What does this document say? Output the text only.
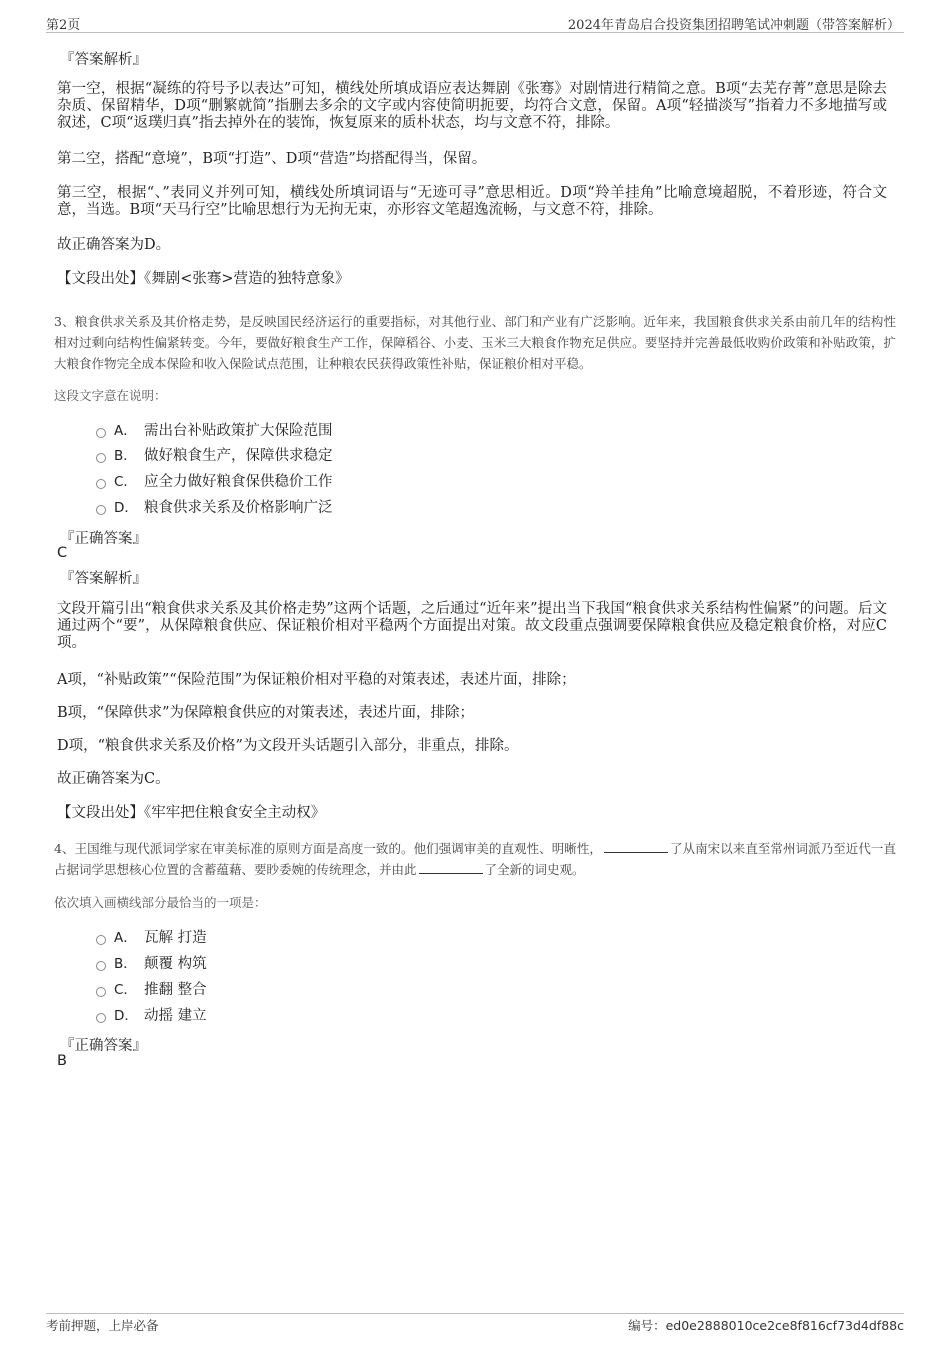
第2页	2024年青岛启合投资集团招聘笔试冲刺题（带答案解析）
『答案解析』
第一空，根据“凝练的符号予以表达”可知，横线处所填成语应表达舞剧《张骞》对剧情进行精简之意。B项“去芜存菁”意思是除去杂质、保留精华，D项“删繁就简”指删去多余的文字或内容使简明扼要，均符合文意，保留。A项“轻描淡写”指着力不多地描写或叙述，C项“返璞归真”指去掉外在的装饰，恢复原来的质朴状态，均与文意不符，排除。
第二空，搭配“意境”，B项“打造”、D项“营造”均搭配得当，保留。
第三空，根据“、”表同义并列可知，横线处所填词语与“无迹可寻”意思相近。D项“羚羊挂角”比喻意境超脱，不着形迹，符合文意，当选。B项“天马行空”比喻思想行为无拘无束，亦形容文笔超逸流畅，与文意不符，排除。
故正确答案为D。
【文段出处】《舞剧<张骞>营造的独特意象》
3、粮食供求关系及其价格走势，是反映国民经济运行的重要指标，对其他行业、部门和产业有广泛影响。近年来，我国粮食供求关系由前几年的结构性相对过剩向结构性偏紧转变。今年，要做好粮食生产工作，保障稻谷、小麦、玉米三大粮食作物充足供应。要坚持并完善最低收购价政策和补贴政策，扩大粮食作物完全成本保险和收入保险试点范围，让种粮农民获得政策性补贴，保证粮价相对平稳。
这段文字意在说明：
A． 需出台补贴政策扩大保险范围
B． 做好粮食生产，保障供求稳定
C． 应全力做好粮食保供稳价工作
D． 粮食供求关系及价格影响广泛
『正确答案』
C
『答案解析』
文段开篇引出“粮食供求关系及其价格走势”这两个话题，之后通过“近年来”提出当下我国“粮食供求关系结构性偏紧”的问题。后文通过两个“要”，从保障粮食供应、保证粮价相对平稳两个方面提出对策。故文段重点强调要保障粮食供应及稳定粮食价格，对应C项。
A项，“补贴政策”“保险范围”为保证粮价相对平稳的对策表述，表述片面，排除；
B项，“保障供求”为保障粮食供应的对策表述，表述片面，排除；
D项，“粮食供求关系及价格”为文段开头话题引入部分，非重点，排除。
故正确答案为C。
【文段出处】《牢牢把住粮食安全主动权》
4、王国维与现代派词学家在审美标准的原则方面是高度一致的。他们强调审美的直观性、明晰性，	了从南宋以来直至常州词派乃至近代一直占据词学思想核心位置的含蓄蕴藉、要眇委婉的传统理念，并由此	了全新的词史观。
依次填入画横线部分最恰当的一项是：
A． 瓦解 打造
B． 颠覆 构筑
C． 推翻 整合
D． 动摇 建立
『正确答案』
B
考前押题，上岸必备	编号：ed0e2888010ce2ce8f816cf73d4df88c
